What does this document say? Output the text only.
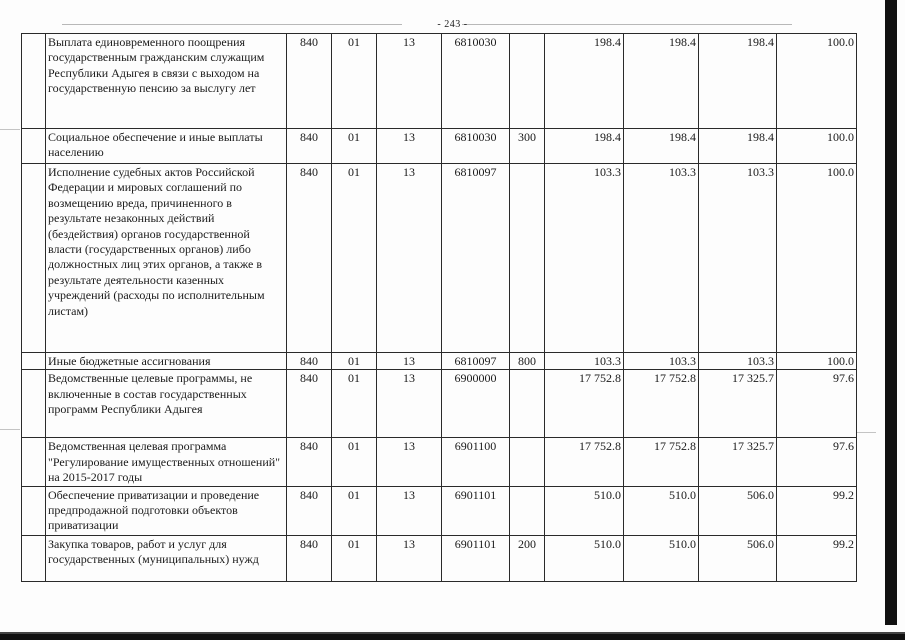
- 243 -
	Выплата единовременного поощрения государственным гражданским служащим Республики Адыгея в связи с выходом на государственную пенсию за выслугу лет	840	01	13	6810030		198.4	198.4	198.4	100.0
	Социальное обеспечение и иные выплаты населению	840	01	13	6810030	300	198.4	198.4	198.4	100.0
	Исполнение судебных актов Российской Федерации и мировых соглашений по возмещению вреда, причиненного в результате незаконных действий (бездействия) органов государственной власти (государственных органов) либо должностных лиц этих органов, а также в результате деятельности казенных учреждений (расходы по исполнительным листам)	840	01	13	6810097		103.3	103.3	103.3	100.0
	Иные бюджетные ассигнования	840	01	13	6810097	800	103.3	103.3	103.3	100.0
	Ведомственные целевые программы, не включенные в состав государственных программ Республики Адыгея	840	01	13	6900000		17 752.8	17 752.8	17 325.7	97.6
	Ведомственная целевая программа "Регулирование имущественных отношений" на 2015-2017 годы	840	01	13	6901100		17 752.8	17 752.8	17 325.7	97.6
	Обеспечение приватизации и проведение предпродажной подготовки объектов приватизации	840	01	13	6901101		510.0	510.0	506.0	99.2
	Закупка товаров, работ и услуг для государственных (муниципальных) нужд	840	01	13	6901101	200	510.0	510.0	506.0	99.2
